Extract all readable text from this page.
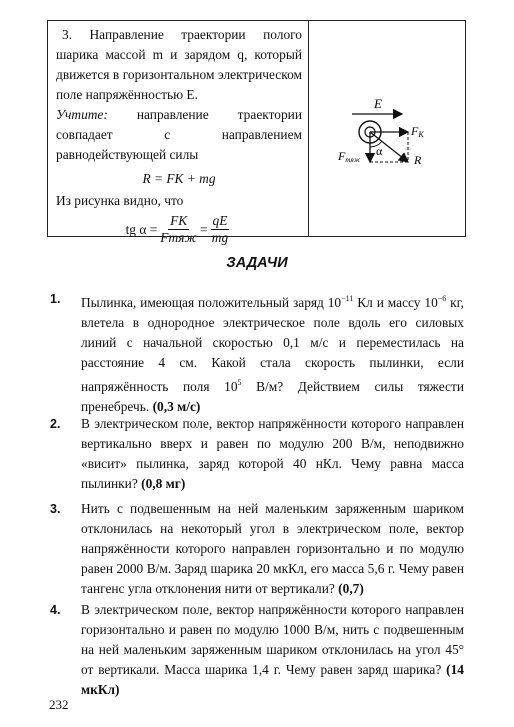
3. Направление траектории полого шарика массой m и зарядом q, который движется в горизонтальном электрическом поле напряжённостью E.

Учтите: направление траектории совпадает с направлением равнодействующей силы

R = FК + mg

Из рисунка видно, что

tg $\alpha = \frac{FК}{\text{Fтяж}} = \frac{qE}{mg}$
E
FК
Fтяж	R
α
ЗАДАЧИ
1. Пылинка, имеющая положительный заряд $10^{-11}$ Кл и массу $10^{-6}$ кг, влетела в однородное электрическое поле вдоль его силовых линий с начальной скоростью 0,1 м/с и переместилась на расстояние 4 см. Какой стала скорость пылинки, если напряжённость поля $10^5$ В/м? Действием силы тяжести пренебречь. (0,3 м/с)
2. В электрическом поле, вектор напряжённости которого направлен вертикально вверх и равен по модулю 200 В/м, неподвижно «висит» пылинка, заряд которой 40 нКл. Чему равна масса пылинки? (0,8 мг)
3. Нить с подвешенным на ней маленьким заряженным шариком отклонилась на некоторый угол в электрическом поле, вектор напряжённости которого направлен горизонтально и по модулю равен 2000 В/м. Заряд шарика 20 мкКл, его масса 5,6 г. Чему равен тангенс угла отклонения нити от вертикали? (0,7)
4. В электрическом поле, вектор напряжённости которого направлен горизонтально и равен по модулю 1000 В/м, нить с подвешенным на ней маленьким заряженным шариком отклонилась на угол 45° от вертикали. Масса шарика 1,4 г. Чему равен заряд шарика? (14 мкКл)
232
